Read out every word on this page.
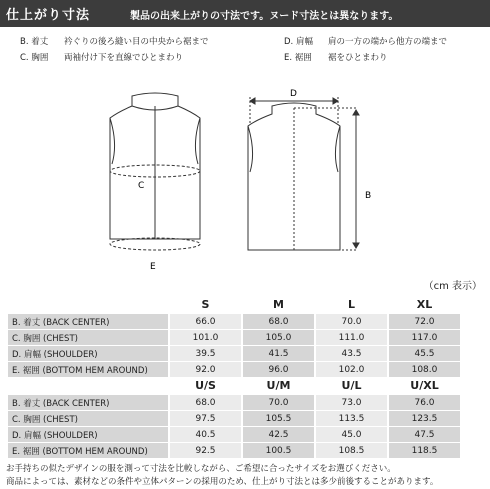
仕上がり寸法	製品の出来上がりの寸法です。ヌード寸法とは異なります。
B. 着丈 衿ぐりの後ろ縫い目の中央から裾まで
C. 胸囲 両袖付け下を直線でひとまわり
D. 肩幅 肩の一方の端から他方の端まで
E. 裾囲 裾をひとまわり
C
E
D
B
（cm 表示）
	S	M	L	XL
B. 着丈 (BACK CENTER)	66.0	68.0	70.0	72.0
C. 胸囲 (CHEST)	101.0	105.0	111.0	117.0
D. 肩幅 (SHOULDER)	39.5	41.5	43.5	45.5
E. 裾囲 (BOTTOM HEM AROUND)	92.0	96.0	102.0	108.0
	U/S	U/M	U/L	U/XL
B. 着丈 (BACK CENTER)	68.0	70.0	73.0	76.0
C. 胸囲 (CHEST)	97.5	105.5	113.5	123.5
D. 肩幅 (SHOULDER)	40.5	42.5	45.0	47.5
E. 裾囲 (BOTTOM HEM AROUND)	92.5	100.5	108.5	118.5
お手持ちの似たデザインの服を測って寸法を比較しながら、ご希望に合ったサイズをお選びください。
商品によっては、素材などの条件や立体パターンの採用のため、仕上がり寸法とは多少前後することがあります。
